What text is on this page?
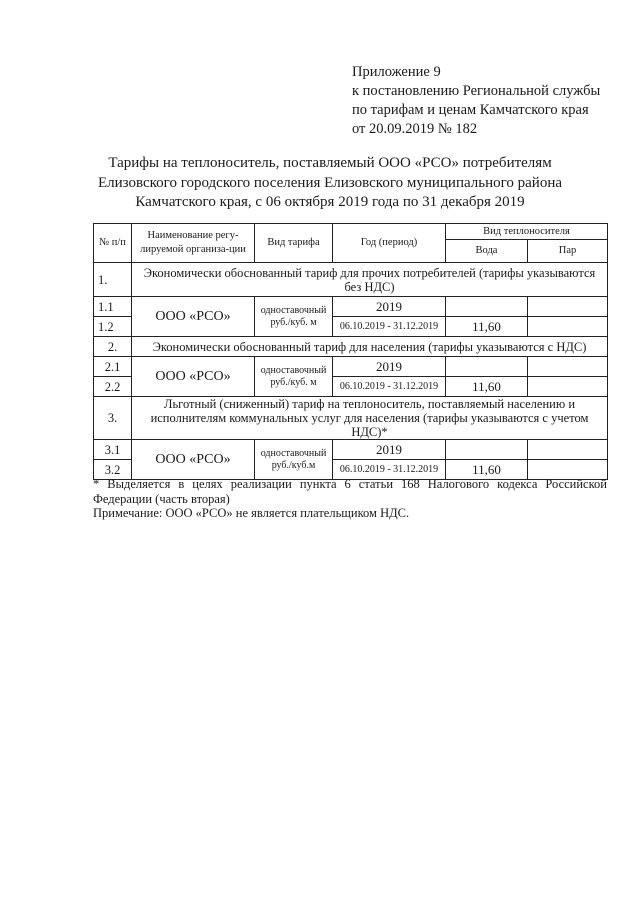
Приложение 9
к постановлению Региональной службы
по тарифам и ценам Камчатского края
от 20.09.2019 № 182
Тарифы на теплоноситель, поставляемый ООО «РСО» потребителям
Елизовского городского поселения Елизовского муниципального района
Камчатского края, с 06 октября 2019 года по 31 декабря 2019
№ п/п	Наименование регу-лируемой организа-ции	Вид тарифа	Год (период)	Вид теплоносителя	
				Вода	Пар
1.	Экономически обоснованный тариф для прочих потребителей (тарифы указываются без НДС)				
1.1	ООО «РСО»	одноставочный руб./куб. м	2019		
1.2			06.10.2019 - 31.12.2019	11,60	
2.	Экономически обоснованный тариф для населения (тарифы указываются с НДС)				
2.1	ООО «РСО»	одноставочный руб./куб. м	2019		
2.2			06.10.2019 - 31.12.2019	11,60	
3.	Льготный (сниженный) тариф на теплоноситель, поставляемый населению и исполнителям коммунальных услуг для населения (тарифы указываются с учетом НДС)*				
3.1	ООО «РСО»	одноставочный руб./куб.м	2019		
3.2			06.10.2019 - 31.12.2019	11,60	
* Выделяется в целях реализации пункта 6 статьи 168 Налогового кодекса Российской Федерации (часть вторая)
Примечание: ООО «РСО» не является плательщиком НДС.
